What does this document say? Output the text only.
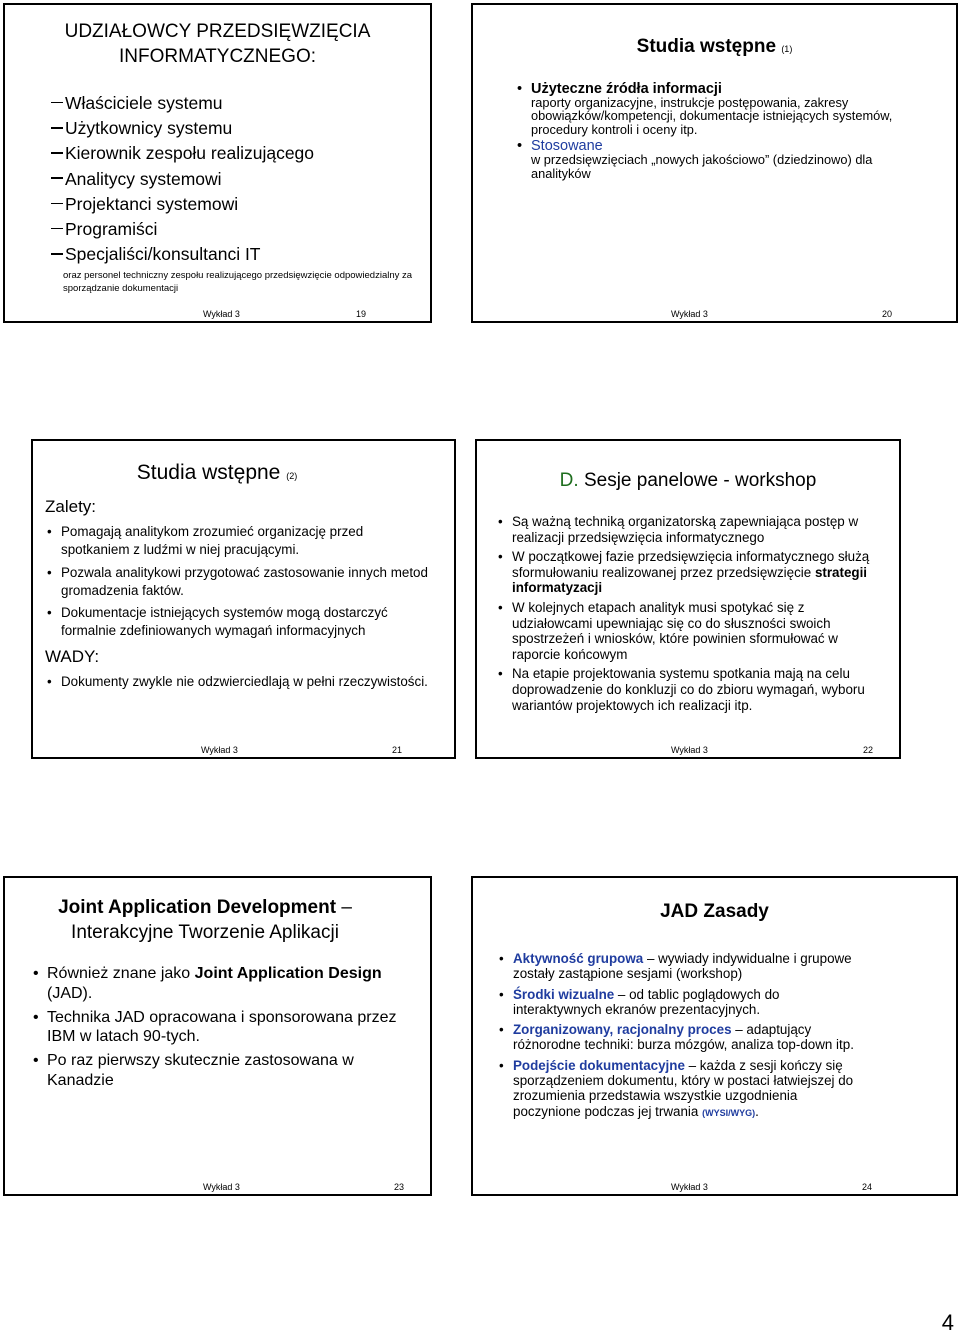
UDZIAŁOWCY PRZEDSIĘWZIĘCIA
INFORMATYCZNEGO:
Właściciele systemu
Użytkownicy systemu
Kierownik zespołu realizującego
Analitycy systemowi
Projektanci systemowi
Programiści
Specjaliści/konsultanci IT
oraz personel techniczny zespołu realizującego przedsięwzięcie odpowiedzialny za sporządzanie dokumentacji
Wykład 3	19
Studia wstępne (1)
• Użyteczne źródła informacji
raporty organizacyjne, instrukcje postępowania, zakresy obowiązków/kompetencji, dokumentacje istniejących systemów, procedury kontroli i oceny itp.
• Stosowane
w przedsięwzięciach „nowych jakościowo” (dziedzinowo) dla analityków
Wykład 3	20
Studia wstępne (2)
Zalety:
• Pomagają analitykom zrozumieć organizację przed spotkaniem z ludźmi w niej pracującymi.
• Pozwala analitykowi przygotować zastosowanie innych metod gromadzenia faktów.
• Dokumentacje istniejących systemów mogą dostarczyć formalnie zdefiniowanych wymagań informacyjnych
WADY:
• Dokumenty zwykle nie odzwierciedlają w pełni rzeczywistości.
Wykład 3	21
D. Sesje panelowe - workshop
• Są ważną techniką organizatorską zapewniająca postęp w realizacji przedsięwzięcia informatycznego
• W początkowej fazie przedsięwzięcia informatycznego służą sformułowaniu realizowanej przez przedsięwzięcie strategii informatyzacji
• W kolejnych etapach analityk musi spotykać się z udziałowcami upewniając się co do słuszności swoich spostrzeżeń i wniosków, które powinien sformułować w raporcie końcowym
• Na etapie projektowania systemu spotkania mają na celu doprowadzenie do konkluzji co do zbioru wymagań, wyboru wariantów projektowych ich realizacji itp.
Wykład 3	22
Joint Application Development –
Interakcyjne Tworzenie Aplikacji
• Również znane jako Joint Application Design (JAD).
• Technika JAD opracowana i sponsorowana przez IBM w latach 90-tych.
• Po raz pierwszy skutecznie zastosowana w Kanadzie
Wykład 3	23
JAD Zasady
• Aktywność grupowa – wywiady indywidualne i grupowe zostały zastąpione sesjami (workshop)
• Środki wizualne – od tablic poglądowych do interaktywnych ekranów prezentacyjnych.
• Zorganizowany, racjonalny proces – adaptujący różnorodne techniki: burza mózgów, analiza top-down itp.
• Podejście dokumentacyjne – każda z sesji kończy się sporządzeniem dokumentu, który w postaci łatwiejszej do zrozumienia przedstawia wszystkie uzgodnienia poczynione podczas jej trwania (WYSI/WYG).
Wykład 3	24
4
